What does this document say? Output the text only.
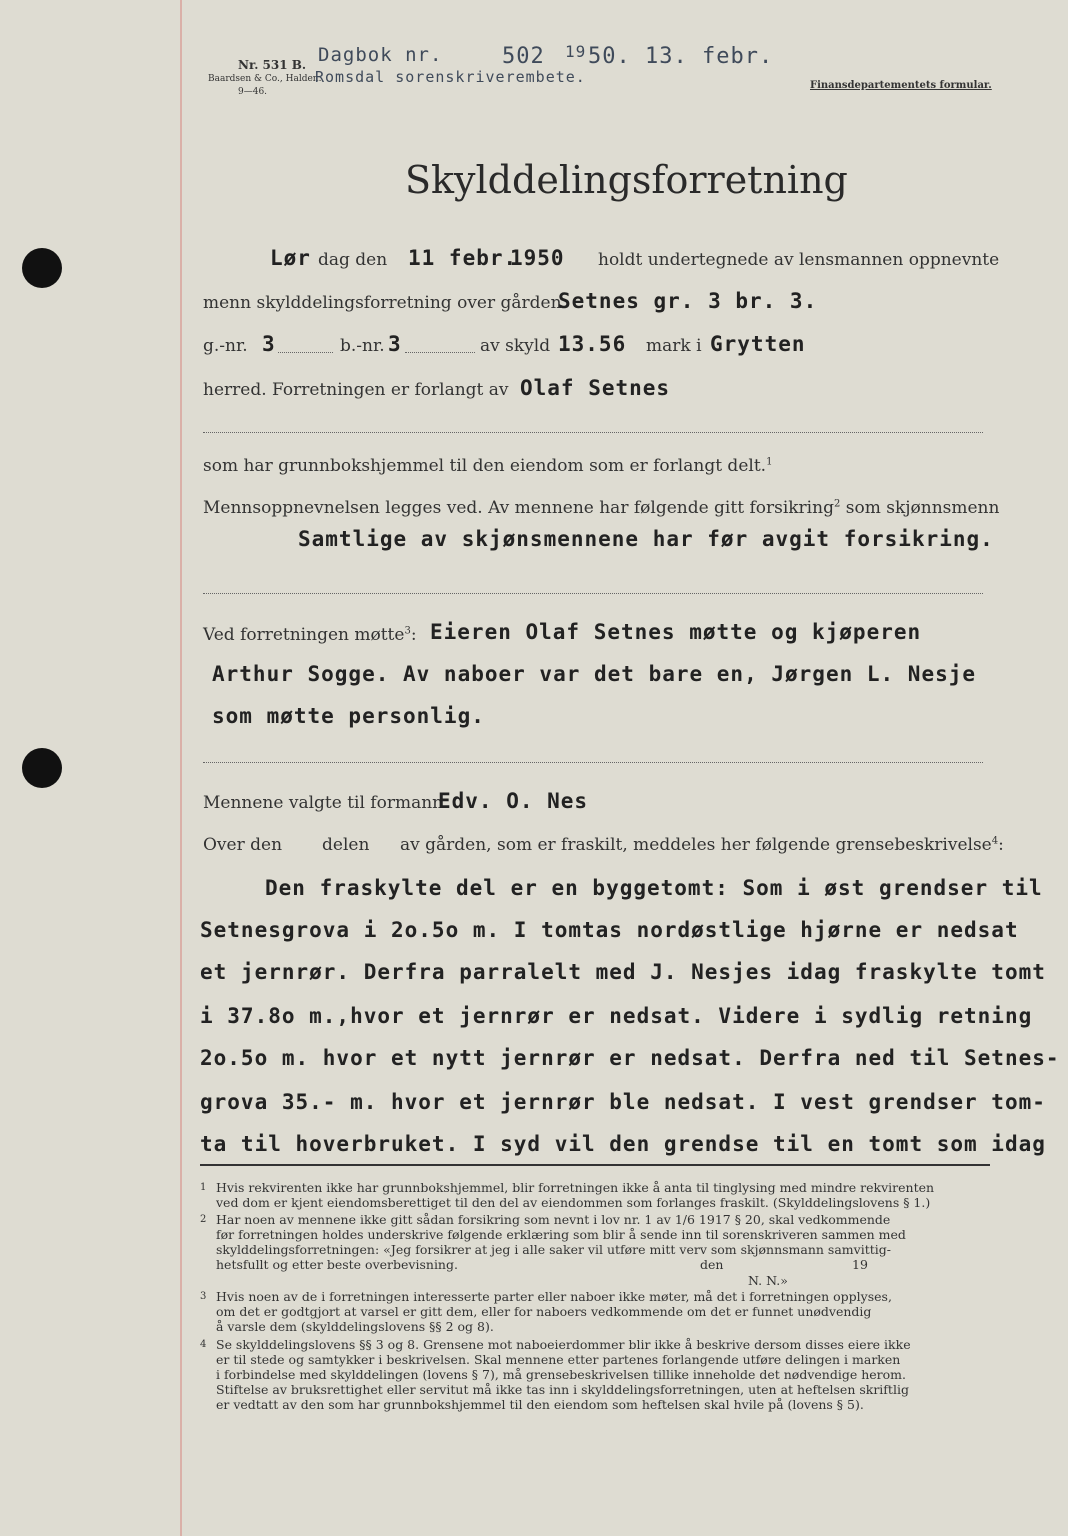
Nr. 531 B.
Baardsen & Co., Halden.
9—46.
Dagbok nr.	502 19 50. 13. febr.
Romsdal sorenskriverembete.	Finansdepartementets formular.
Skylddelingsforretning
Lør dag den 11 febr.
1950 holdt undertegnede av lensmannen oppnevnte
menn skylddelingsforretning over gården
Setnes gr. 3 br. 3.
g.-nr. 3	b.-nr. 3	av skyld 13.56 mark i Grytten
herred. Forretningen er forlangt av Olaf Setnes
som har grunnbokshjemmel til den eiendom som er forlangt delt.$^1$
Mennsoppnevnelsen legges ved. Av mennene har følgende gitt forsikring$^2$ som skjønnsmenn
Samtlige av skjønsmennene har før avgit forsikring.
Ved forretningen møtte$^3$: Eieren Olaf Setnes møtte og kjøperen
Arthur Sogge. Av naboer var det bare en, Jørgen L. Nesje
som møtte personlig.
Mennene valgte til formann
Edv. O. Nes
Over den delen av gården, som er fraskilt, meddeles her følgende grensebeskrivelse$^4$:
Den fraskylte del er en byggetomt: Som i øst grendser til
Setnesgrova i 2o.5o m. I tomtas nordøstlige hjørne er nedsat
et jernrør. Derfra parralelt med J. Nesjes idag fraskylte tomt
i 37.8o m.,hvor et jernrør er nedsat. Videre i sydlig retning
2o.5o m. hvor et nytt jernrør er nedsat. Derfra ned til Setnes-
grova 35.- m. hvor et jernrør ble nedsat. I vest grendser tom-
ta til hoverbruket. I syd vil den grendse til en tomt som idag
1 Hvis rekvirenten ikke har grunnbokshjemmel, blir forretningen ikke å anta til tinglysing med mindre rekvirenten
ved dom er kjent eiendomsberettiget til den del av eiendommen som forlanges fraskilt. (Skylddelingslovens § 1.)
2 Har noen av mennene ikke gitt sådan forsikring som nevnt i lov nr. 1 av 1/6 1917 § 20, skal vedkommende
før forretningen holdes underskrive følgende erklæring som blir å sende inn til sorenskriveren sammen med
skylddelingsforretningen: «Jeg forsikrer at jeg i alle saker vil utføre mitt verv som skjønnsmann samvittig-
hetsfullt og etter beste overbevisning.	den	19
N. N.»
3 Hvis noen av de i forretningen interesserte parter eller naboer ikke møter, må det i forretningen opplyses,
om det er godtgjort at varsel er gitt dem, eller for naboers vedkommende om det er funnet unødvendig
å varsle dem (skylddelingslovens §§ 2 og 8).
4 Se skylddelingslovens §§ 3 og 8. Grensene mot naboeierdommer blir ikke å beskrive dersom disses eiere ikke
er til stede og samtykker i beskrivelsen. Skal mennene etter partenes forlangende utføre delingen i marken
i forbindelse med skylddelingen (lovens § 7), må grensebeskrivelsen tillike inneholde det nødvendige herom.
Stiftelse av bruksrettighet eller servitut må ikke tas inn i skylddelingsforretningen, uten at heftelsen skriftlig
er vedtatt av den som har grunnbokshjemmel til den eiendom som heftelsen skal hvile på (lovens § 5).
